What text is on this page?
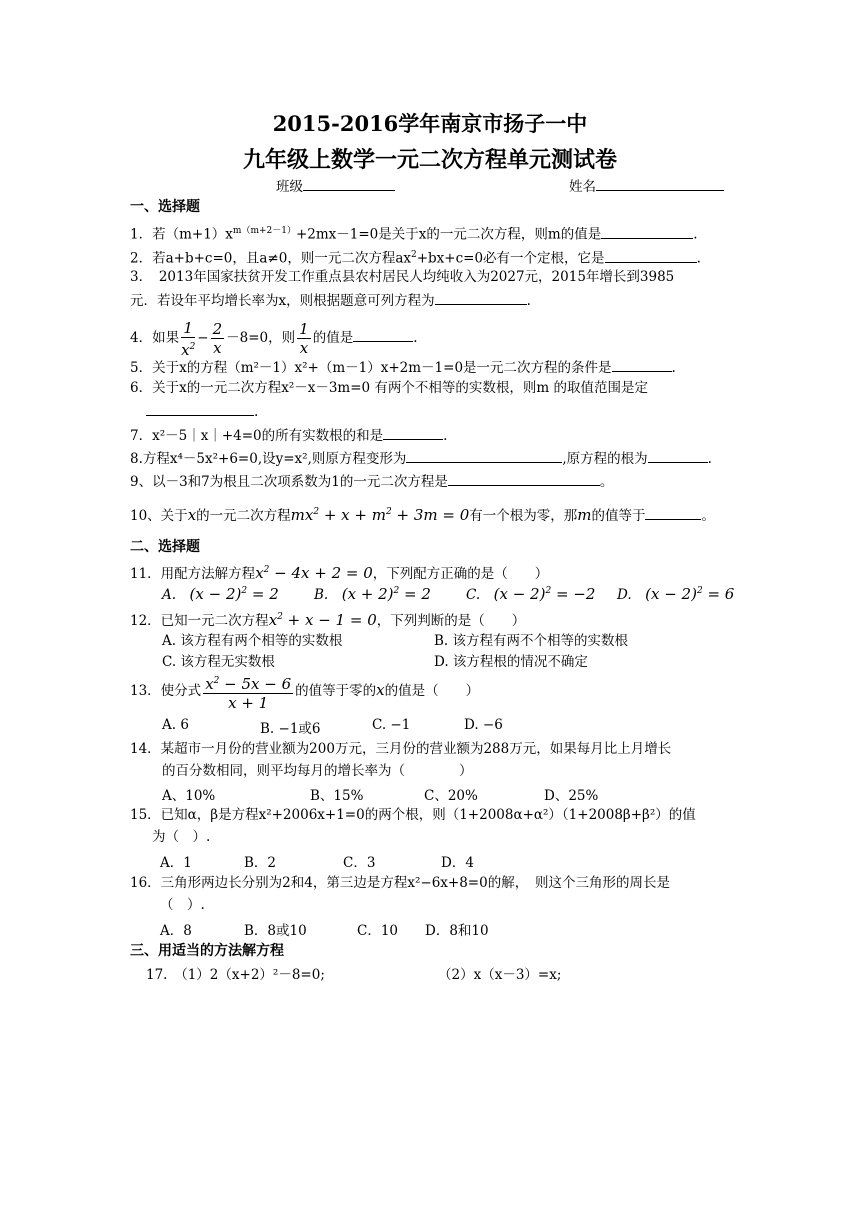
2015-2016学年南京市扬子一中
九年级上数学一元二次方程单元测试卷
班级	姓名
一、选择题
1．若$(m+1)x^{m(m+2-1)}+2mx-1=0$是关于x的一元二次方程，则m的值是	.
2．若a+b+c=0，且a≠0，则一元二次方程$ax^2+bx+c=0$必有一个定根，它是	.
3．　2013年国家扶贫开发工作重点县农村居民人均纯收入为2027元，2015年增长到3985
元．若设年平均增长率为x，则根据题意可列方程为	.
4．如果 $\frac{1}{x^2} - \frac{2}{x} -8=0$，则 $\frac{1}{x}$ 的值是	.
5．关于x的方程（m²－1）x²+（m－1）x+2m－1=0是一元二次方程的条件是	.
6．关于x的一元二次方程x²－x－3m=0 有两个不相等的实数根，则m 的取值范围是定
.
7．x²－5｜x｜+4=0的所有实数根的和是	.
8.方程x⁴－5x²+6=0,设y=x²,则原方程变形为	,原方程的根为	.
9、以－3和7为根且二次项系数为1的一元二次方程是	。
10、关于x的一元二次方程$mx^2 + x + m^2 + 3m = 0$有一个根为零，那m的值等于	。
二、选择题
11．用配方法解方程$x^2 - 4x + 2 = 0$，下列配方正确的是（　　）
A.　 $(x - 2)^2 = 2$	B.　 $(x + 2)^2 = 2$	C.　 $(x - 2)^2 = -2$ D.　 $(x - 2)^2 = 6$
12．已知一元二次方程$x^2 + x - 1 = 0$，下列判断的是（　　）
A. 该方程有两个相等的实数根	B. 该方程有两不个相等的实数根
C. 该方程无实数根	D. 该方程根的情况不确定
13．使分式 $\frac{x^2 - 5x - 6}{x + 1}$ 的值等于零的x的值是（　　）
A. 6	B. −1或6	C. −1	D. −6
14．某超市一月份的营业额为200万元，三月份的营业额为288万元，如果每月比上月增长
的百分数相同，则平均每月的增长率为（　　　　）
A、10%	B、15%	C、20%	D、25%
15．已知α，β是方程x²+2006x+1=0的两个根，则（1+2008α+α²）（1+2008β+β²）的值
为（　）.
A．1	B．2	C．3	D．4
16．三角形两边长分别为2和4，第三边是方程x²−6x+8=0的解，　则这个三角形的周长是
（　）.
A．8	B．8或10	C．10 D．8和10
三、用适当的方法解方程
17.　（1）2（x+2）²－8=0;	（2）x（x－3）=x;
